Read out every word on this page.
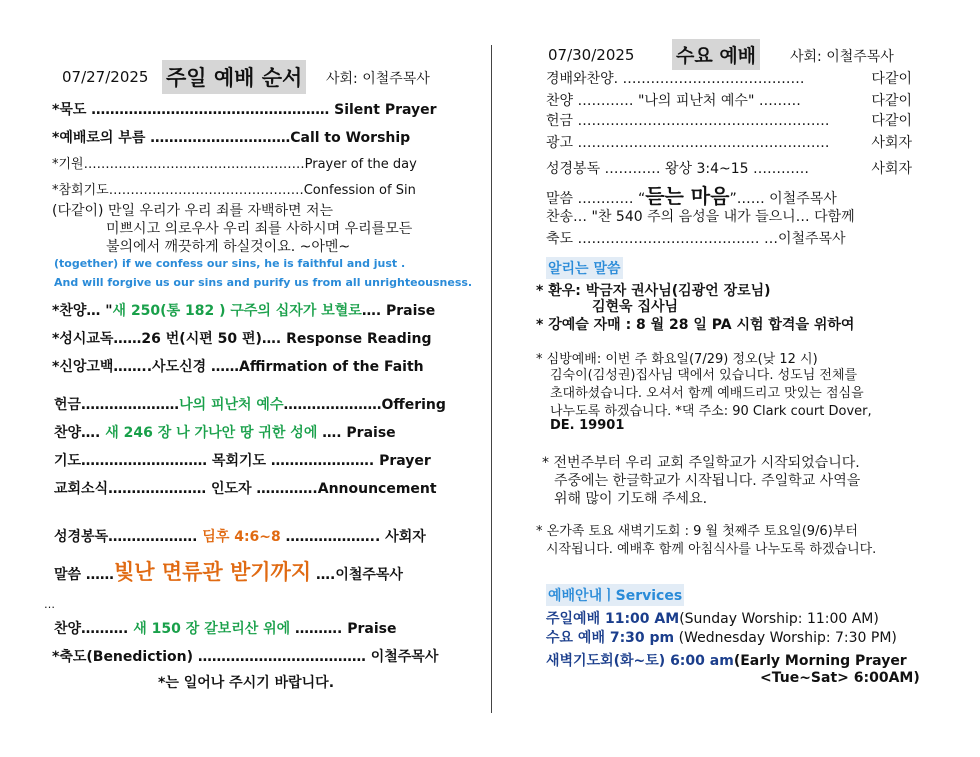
07/27/2025 주일 예배 순서 사회: 이철주목사
*묵도 …………………………………………… Silent Prayer
*예배로의 부름 …………………………Call to Worship
*기원……………………………………………Prayer of the day
*참회기도………………………………………Confession of Sin
(다같이) 만일 우리가 우리 죄를 자백하면 저는
미쁘시고 의로우사 우리 죄를 사하시며 우리를모든
불의에서 깨끗하게 하실것이요. ~아멘~
(together) if we confess our sins, he is faithful and just .
And will forgive us our sins and purify us from all unrighteousness.
*찬양… "새 250(통 182 ) 구주의 십자가 보혈로…. Praise
*성시교독……26 번(시편 50 편)…. Response Reading
*신앙고백……..사도신경 ……Affirmation of the Faith
헌금…………………나의 피난처 예수…………………Offering
찬양…. 새 246 장 나 가나안 땅 귀한 성에 …. Praise
기도……………………… 목회기도 …………………. Prayer
교회소식………………… 인도자 ………….Announcement
성경봉독………………. 딤후 4:6~8 ……………….. 사회자
말씀 ……빛난 면류관 받기까지 ….이철주목사
…
찬양………. 새 150 장 갈보리산 위에 ………. Praise
*축도(Benediction) ……………………………… 이철주목사
*는 일어나 주시기 바랍니다.
07/30/2025 수요 예배 사회: 이철주목사
경배와찬양. …………………………………	다같이
찬양 ………… "나의 피난처 예수" ………	다같이
헌금 ………………………………………………	다같이
광고 ………………………………………………	사회자
성경봉독 ………… 왕상 3:4~15 …………	사회자
말씀 ………… “듣는 마음”…… 이철주목사
찬송… "찬 540 주의 음성을 내가 들으니… 다함께
축도 ………………………………… …이철주목사
알리는 말씀
* 환우: 박금자 권사님(김광언 장로님)
김현욱 집사님
* 강예슬 자매 : 8 월 28 일 PA 시험 합격을 위하여
* 심방예배: 이번 주 화요일(7/29) 정오(낮 12 시)
김숙이(김성권)집사님 댁에서 있습니다. 성도님 전체를
초대하셨습니다. 오셔서 함께 예배드리고 맛있는 점심을
나누도록 하겠습니다. *댁 주소: 90 Clark court Dover,
DE. 19901
* 전번주부터 우리 교회 주일학교가 시작되었습니다.
주중에는 한글학교가 시작됩니다. 주일학교 사역을
위해 많이 기도해 주세요.
* 온가족 토요 새벽기도회 : 9 월 첫째주 토요일(9/6)부터
시작됩니다. 예배후 함께 아침식사를 나누도록 하겠습니다.
예배안내ㅣServices
주일예배 11:00 AM(Sunday Worship: 11:00 AM)
수요 예배 7:30 pm (Wednesday Worship: 7:30 PM)
새벽기도회(화~토) 6:00 am(Early Morning Prayer
<Tue~Sat> 6:00AM)
